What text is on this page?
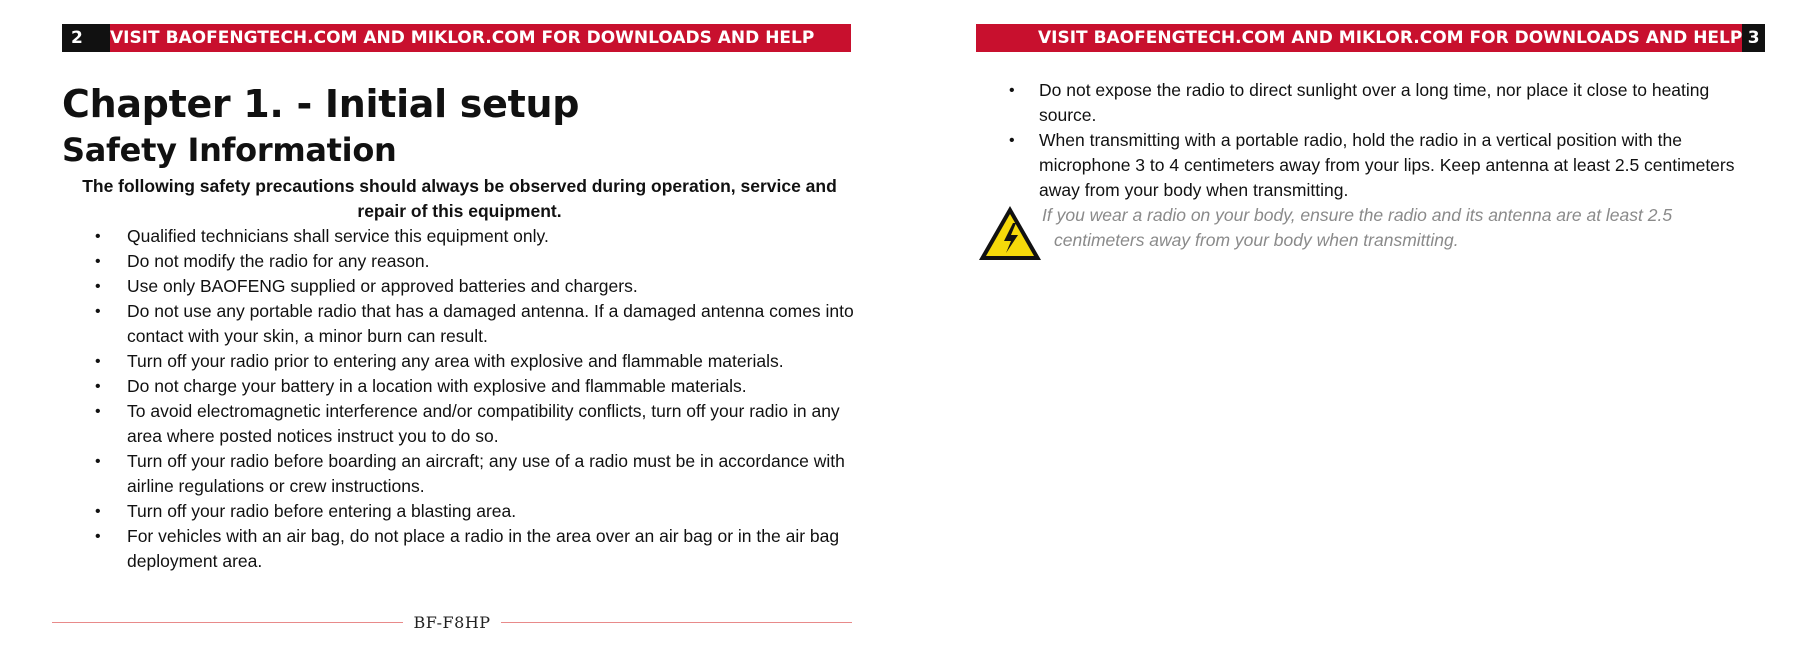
2	VISIT BAOFENGTECH.COM AND MIKLOR.COM FOR DOWNLOADS AND HELP	VISIT BAOFENGTECH.COM AND MIKLOR.COM FOR DOWNLOADS AND HELP 3
Chapter 1. - Initial setup
Safety Information

The following safety precautions should always be observed during operation, service and repair of this equipment.

• Qualified technicians shall service this equipment only.
• Do not modify the radio for any reason.
• Use only BAOFENG supplied or approved batteries and chargers.
• Do not use any portable radio that has a damaged antenna. If a damaged antenna comes into contact with your skin, a minor burn can result.
• Turn off your radio prior to entering any area with explosive and flammable materials.
• Do not charge your battery in a location with explosive and flammable materials.
• To avoid electromagnetic interference and/or compatibility conflicts, turn off your radio in any area where posted notices instruct you to do so.
• Turn off your radio before boarding an aircraft; any use of a radio must be in accordance with airline regulations or crew instructions.
• Turn off your radio before entering a blasting area.
• For vehicles with an air bag, do not place a radio in the area over an air bag or in the air bag deployment area.
BF-F8HP
• Do not expose the radio to direct sunlight over a long time, nor place it close to heating source.
• When transmitting with a portable radio, hold the radio in a vertical position with the microphone 3 to 4 centimeters away from your lips. Keep antenna at least 2.5 centimeters away from your body when transmitting.
If you wear a radio on your body, ensure the radio and its antenna are at least 2.5
centimeters away from your body when transmitting.
